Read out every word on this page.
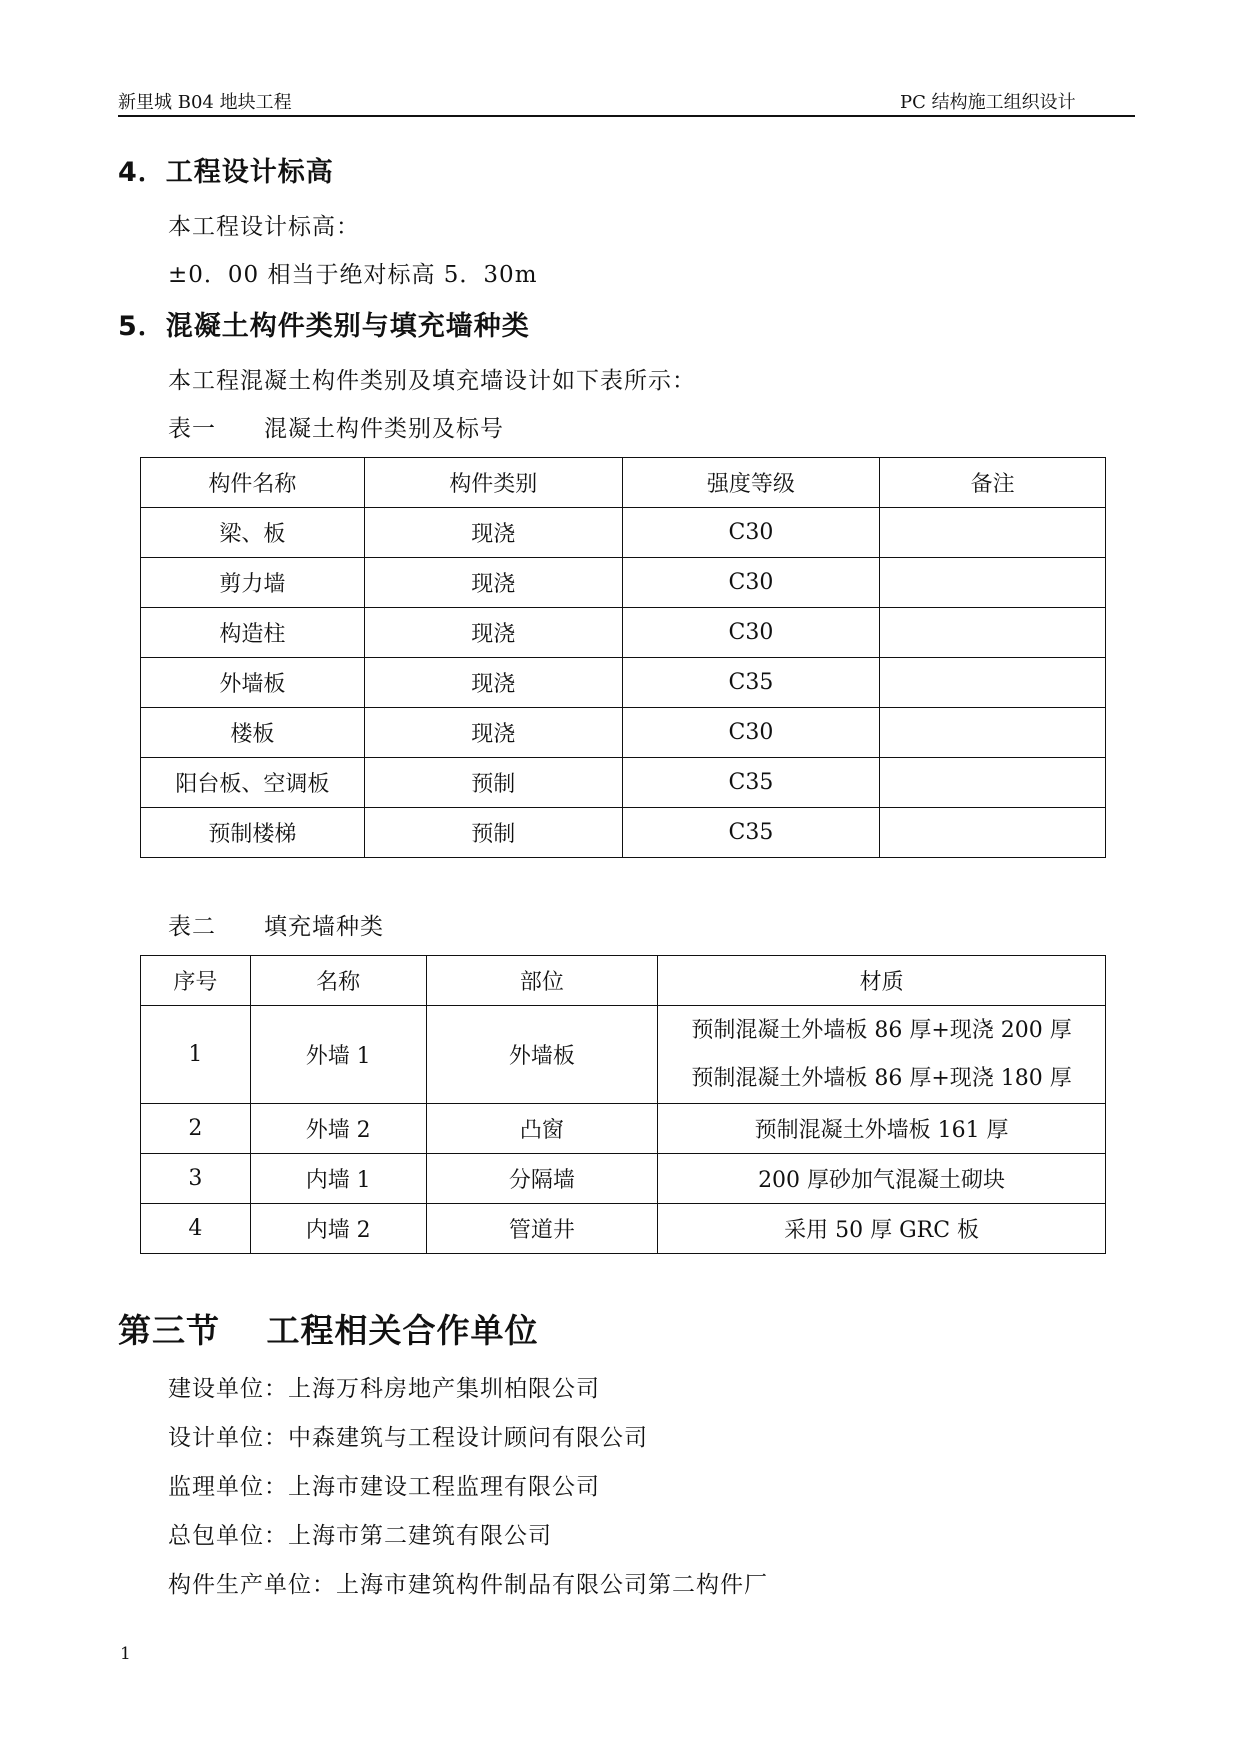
新里城 B04 地块工程	PC 结构施工组织设计
4．工程设计标高

本工程设计标高：

±0．00 相当于绝对标高 5．30m

5．混凝土构件类别与填充墙种类

本工程混凝土构件类别及填充墙设计如下表所示：

表一　　混凝土构件类别及标号

构件名称	构件类别	强度等级	备注
梁、板	现浇	C30	
剪力墙	现浇	C30	
构造柱	现浇	C30	
外墙板	现浇	C35	
楼板	现浇	C30	
阳台板、空调板	预制	C35	
预制楼梯	预制	C35	

表二　　填充墙种类

序号	名称	部位	材质
1	外墙 1	外墙板	预制混凝土外墙板 86 厚+现浇 200 厚
预制混凝土外墙板 86 厚+现浇 180 厚

2	外墙 2	凸窗	预制混凝土外墙板 161 厚
3	内墙 1	分隔墙	200 厚砂加气混凝土砌块
4	内墙 2	管道井	采用 50 厚 GRC 板
第三节　 工程相关合作单位

建设单位：上海万科房地产集圳柏限公司

设计单位：中森建筑与工程设计顾问有限公司

监理单位：上海市建设工程监理有限公司

总包单位：上海市第二建筑有限公司

构件生产单位：上海市建筑构件制品有限公司第二构件厂

1
